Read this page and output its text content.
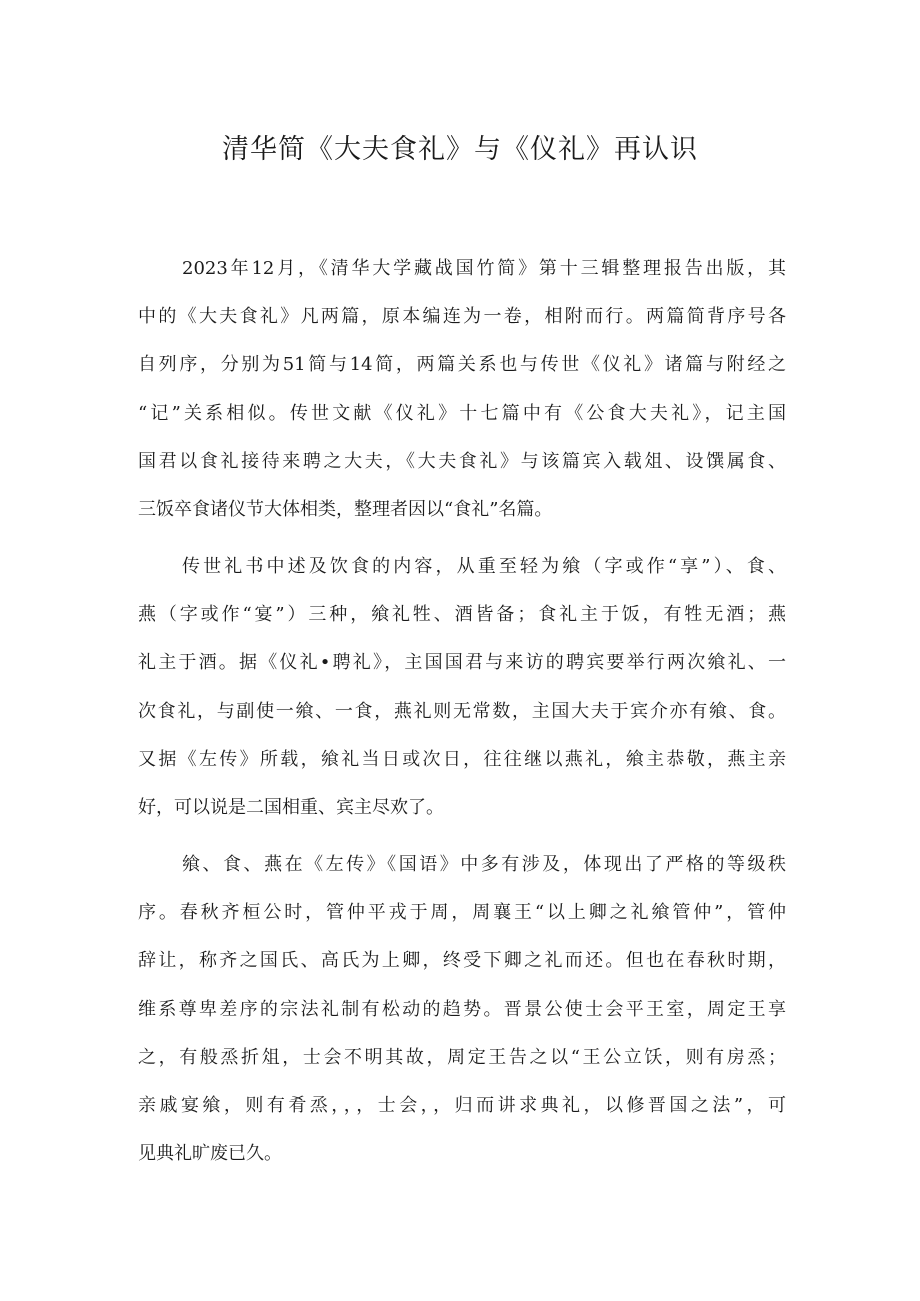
清华简《大夫食礼》与《仪礼》再认识
2023年12月，《清华大学藏战国竹简》第十三辑整理报告出版，其
中的《大夫食礼》凡两篇，原本编连为一卷，相附而行。两篇简背序号各
自列序，分别为51简与14简，两篇关系也与传世《仪礼》诸篇与附经之
“记”关系相似。传世文献《仪礼》十七篇中有《公食大夫礼》，记主国
国君以食礼接待来聘之大夫，《大夫食礼》与该篇宾入载俎、设馔属食、
三饭卒食诸仪节大体相类，整理者因以“食礼”名篇。
传世礼书中述及饮食的内容，从重至轻为飨（字或作“享”）、食、
燕（字或作“宴”）三种，飨礼牲、酒皆备；食礼主于饭，有牲无酒；燕
礼主于酒。据《仪礼•聘礼》，主国国君与来访的聘宾要举行两次飨礼、一
次食礼，与副使一飨、一食，燕礼则无常数，主国大夫于宾介亦有飨、食。
又据《左传》所载，飨礼当日或次日，往往继以燕礼，飨主恭敬，燕主亲
好，可以说是二国相重、宾主尽欢了。
飨、食、燕在《左传》《国语》中多有涉及，体现出了严格的等级秩
序。春秋齐桓公时，管仲平戎于周，周襄王“以上卿之礼飨管仲”，管仲
辞让，称齐之国氏、高氏为上卿，终受下卿之礼而还。但也在春秋时期，
维系尊卑差序的宗法礼制有松动的趋势。晋景公使士会平王室，周定王享
之，有般烝折俎，士会不明其故，周定王告之以“王公立饫，则有房烝；
亲戚宴飨，则有肴烝，，，士会，，归而讲求典礼，以修晋国之法”，可
见典礼旷废已久。
